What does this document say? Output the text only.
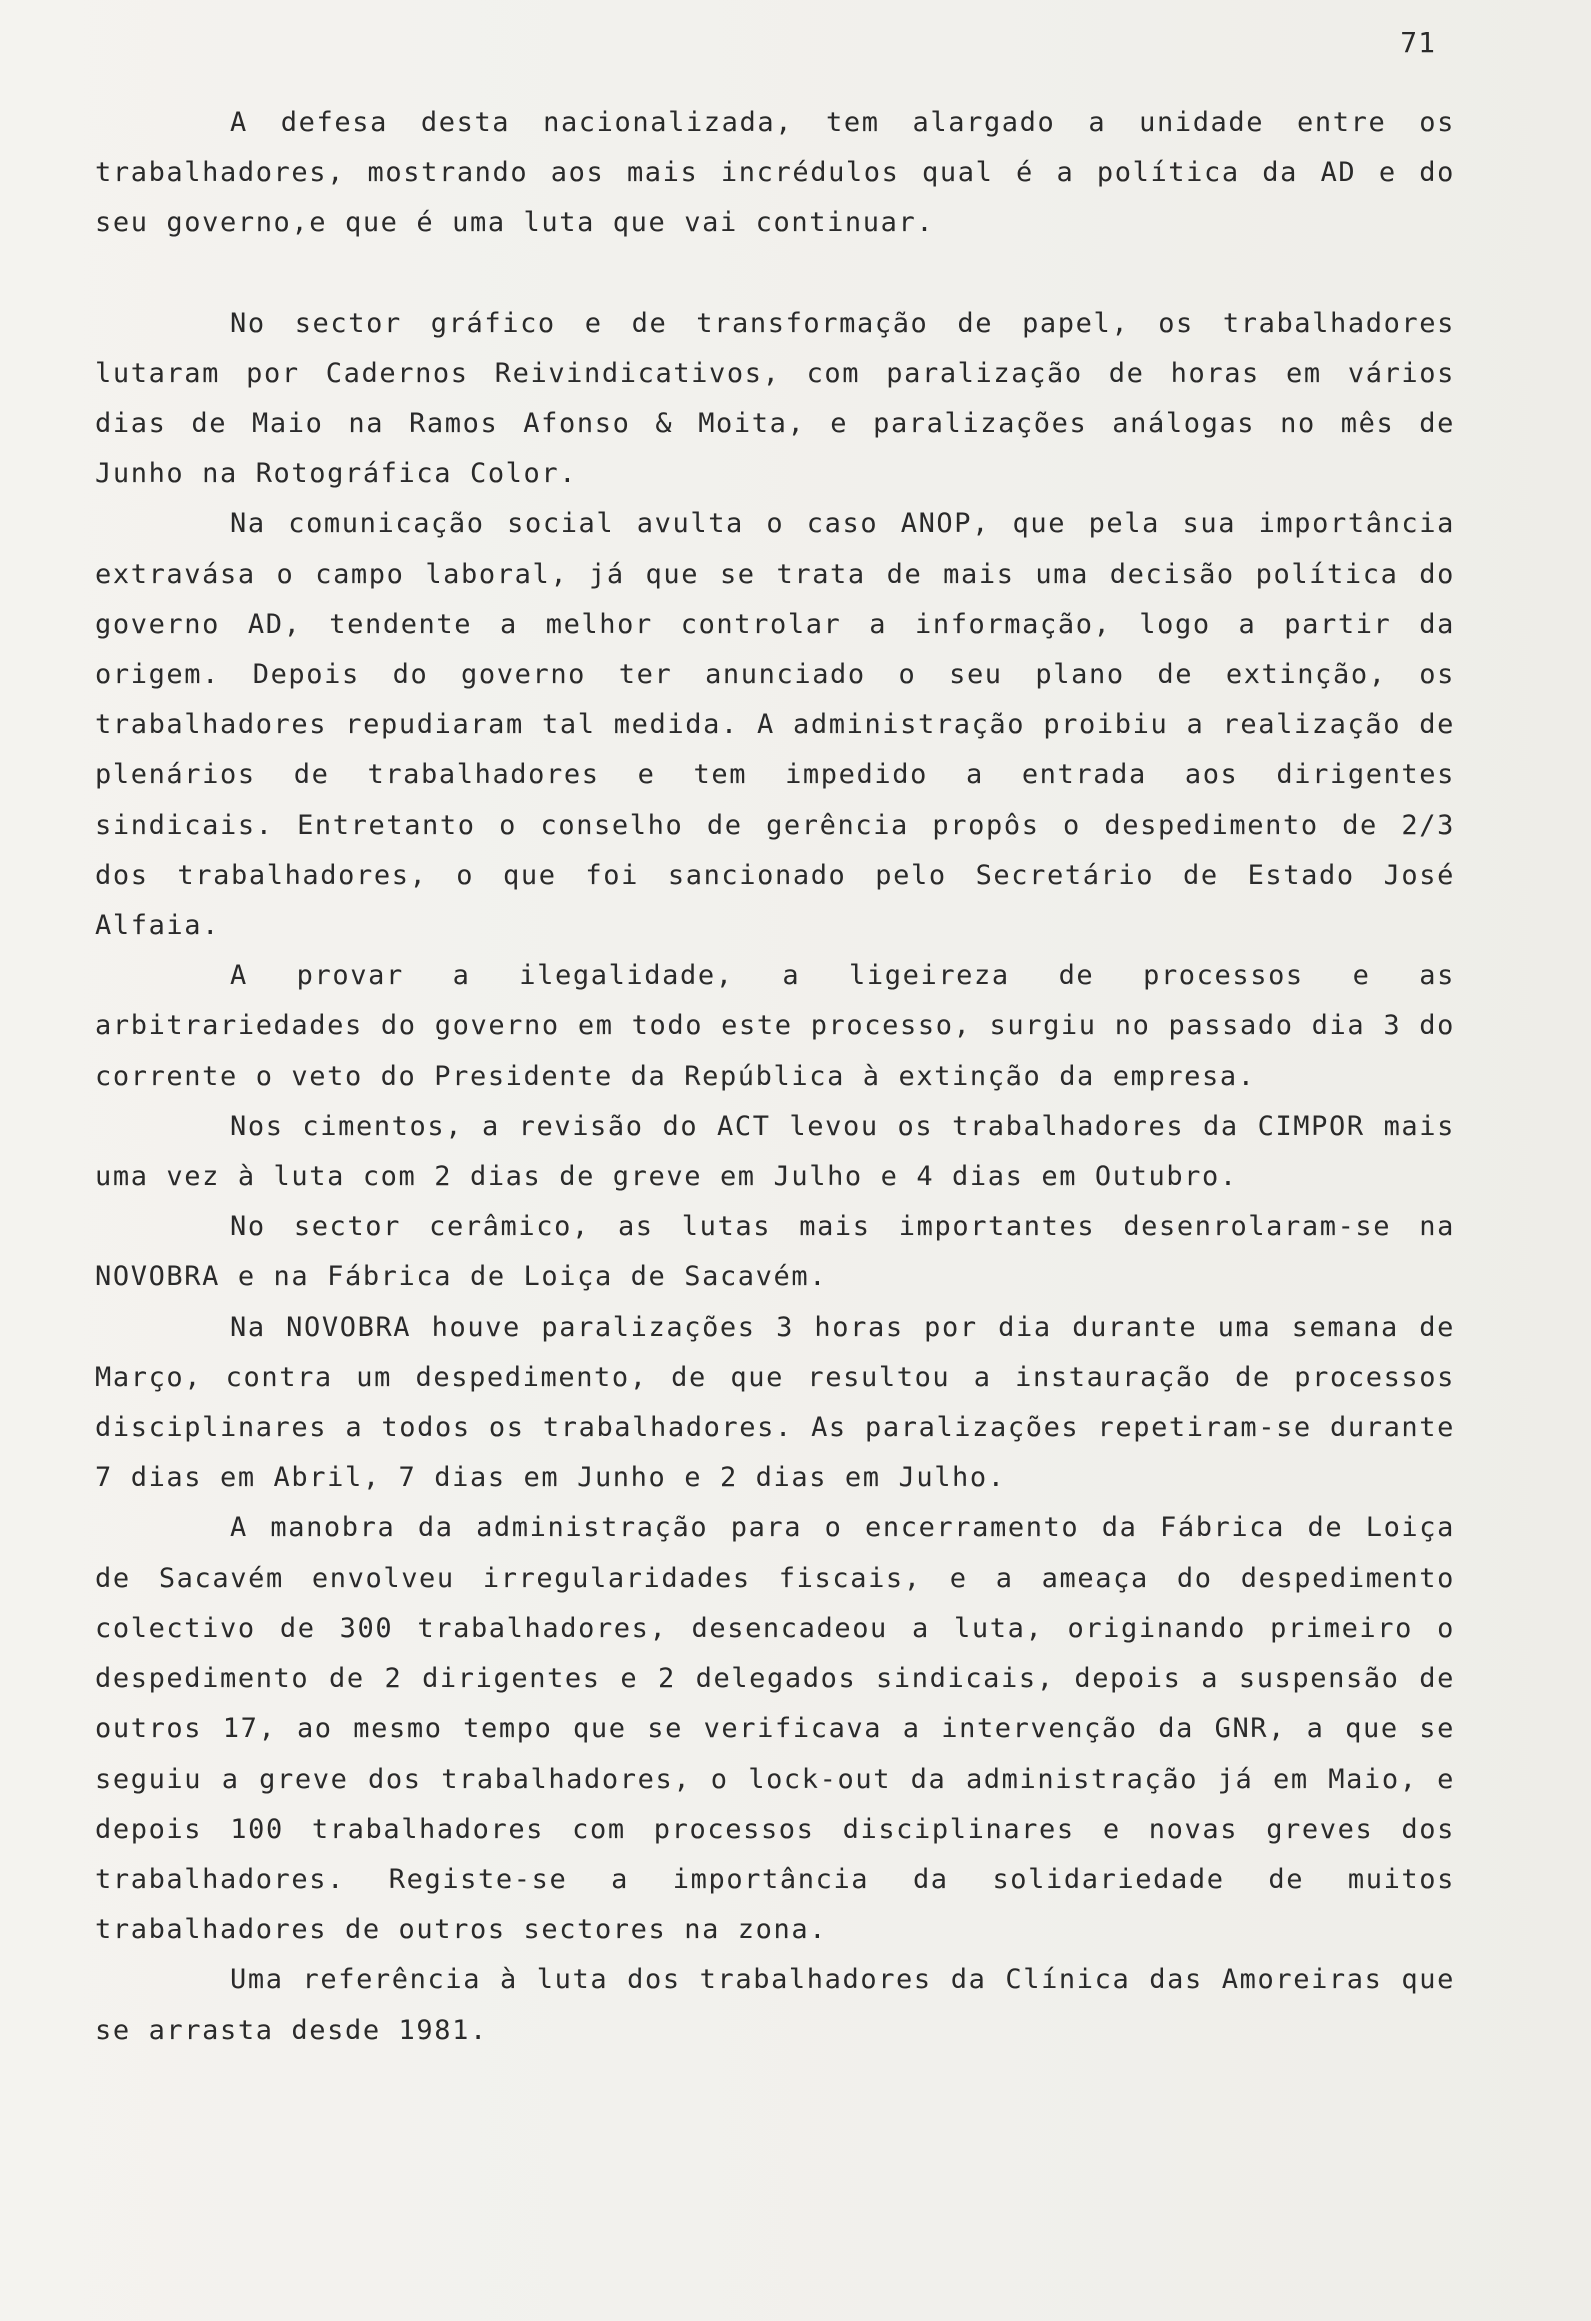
71

A defesa desta nacionalizada, tem alargado a unidade entre os trabalhadores, mostrando aos mais incrédulos qual é a política da AD e do seu governo,e que é uma luta que vai continuar.

No sector gráfico e de transformação de papel, os trabalhadores lutaram por Cadernos Reivindicativos, com paralização de horas em vários dias de Maio na Ramos Afonso & Moita, e paralizações análogas no mês de Junho na Rotográfica Color.

Na comunicação social avulta o caso ANOP, que pela sua importância extravása o campo laboral, já que se trata de mais uma decisão política do governo AD, tendente a melhor controlar a informação, logo a partir da origem. Depois do governo ter anunciado o seu plano de extinção, os trabalhadores repudiaram tal medida. A administração proibiu a realização de plenários de trabalhadores e tem impedido a entrada aos dirigentes sindicais. Entretanto o conselho de gerência propôs o despedimento de 2/3 dos trabalhadores, o que foi sancionado pelo Secretário de Estado José Alfaia.

A provar a ilegalidade, a ligeireza de processos e as arbitrariedades do governo em todo este processo, surgiu no passado dia 3 do corrente o veto do Presidente da República à extinção da empresa.

Nos cimentos, a revisão do ACT levou os trabalhadores da CIMPOR mais uma vez à luta com 2 dias de greve em Julho e 4 dias em Outubro.

No sector cerâmico, as lutas mais importantes desenrolaram-se na NOVOBRA e na Fábrica de Loiça de Sacavém.

Na NOVOBRA houve paralizações 3 horas por dia durante uma semana de Março, contra um despedimento, de que resultou a instauração de processos disciplinares a todos os trabalhadores. As paralizações repetiram-se durante 7 dias em Abril, 7 dias em Junho e 2 dias em Julho.

A manobra da administração para o encerramento da Fábrica de Loiça de Sacavém envolveu irregularidades fiscais, e a ameaça do despedimento colectivo de 300 trabalhadores, desencadeou a luta, originando primeiro o despedimento de 2 dirigentes e 2 delegados sindicais, depois a suspensão de outros 17, ao mesmo tempo que se verificava a intervenção da GNR, a que se seguiu a greve dos trabalhadores, o lock-out da administração já em Maio, e depois 100 trabalhadores com processos disciplinares e novas greves dos trabalhadores. Registe-se a importância da solidariedade de muitos trabalhadores de outros sectores na zona.

Uma referência à luta dos trabalhadores da Clínica das Amoreiras que se arrasta desde 1981.
